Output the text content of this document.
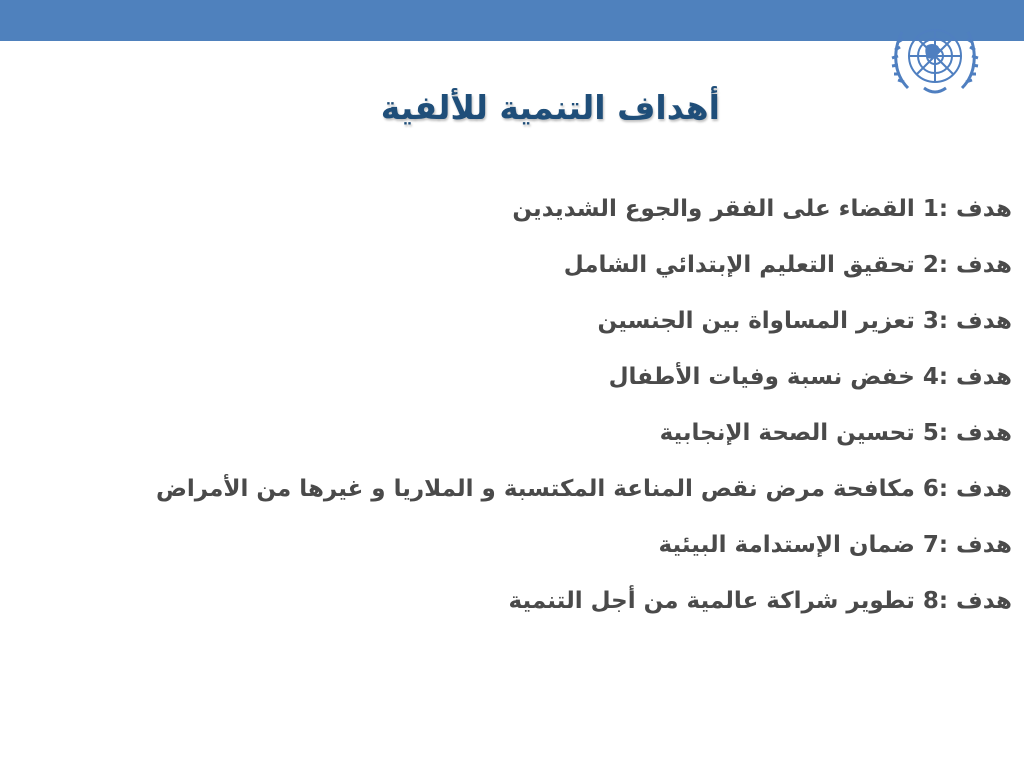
أهداف التنمية للألفية
هدف 1:
القضاء على الفقر والجوع الشديدين
هدف 2:
تحقيق التعليم الإبتدائي الشامل
هدف 3:
تعزير المساواة بين الجنسين
هدف 4:
خفض نسبة وفيات الأطفال
هدف 5:
تحسين الصحة الإنجابية
هدف 6:
مكافحة مرض نقص المناعة المكتسبة و الملاريا و غيرها من الأمراض
هدف 7:
ضمان الإستدامة البيئية
هدف 8:
تطوير شراكة عالمية من أجل التنمية
